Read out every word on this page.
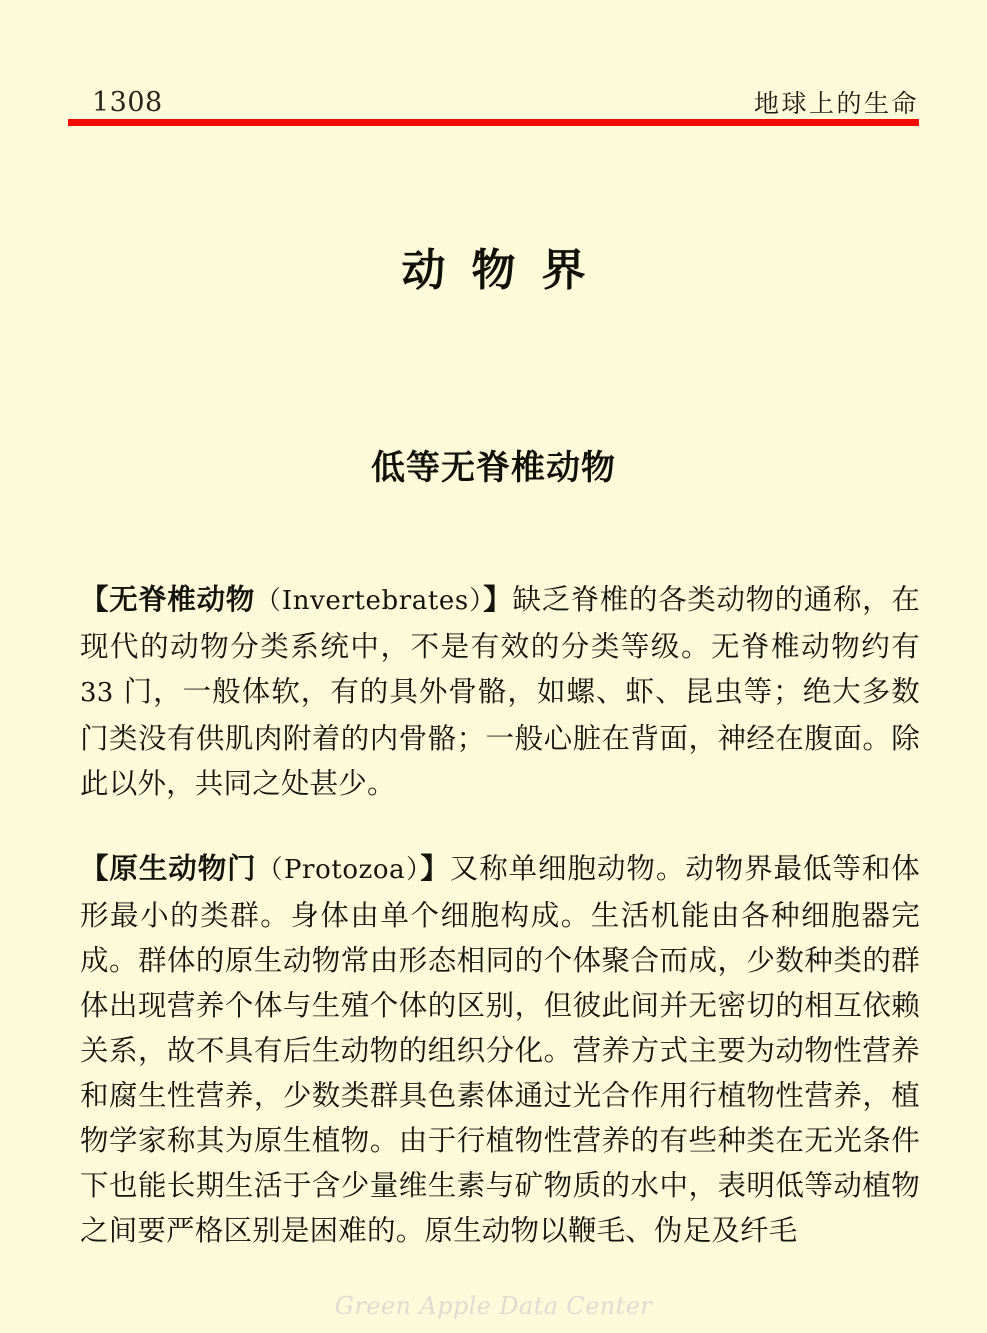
1308	地球上的生命
动物界
低等无脊椎动物

【无脊椎动物（Invertebrates）】缺乏脊椎的各类动物的通称，在现代的动物分类系统中，不是有效的分类等级。无脊椎动物约有 33 门，一般体软，有的具外骨骼，如螺、虾、昆虫等；绝大多数门类没有供肌肉附着的内骨骼；一般心脏在背面，神经在腹面。除此以外，共同之处甚少。

【原生动物门（Protozoa）】又称单细胞动物。动物界最低等和体形最小的类群。身体由单个细胞构成。生活机能由各种细胞器完成。群体的原生动物常由形态相同的个体聚合而成，少数种类的群体出现营养个体与生殖个体的区别，但彼此间并无密切的相互依赖关系，故不具有后生动物的组织分化。营养方式主要为动物性营养和腐生性营养，少数类群具色素体通过光合作用行植物性营养，植物学家称其为原生植物。由于行植物性营养的有些种类在无光条件下也能长期生活于含少量维生素与矿物质的水中，表明低等动植物之间要严格区别是困难的。原生动物以鞭毛、伪足及纤毛

Green Apple Data Center
